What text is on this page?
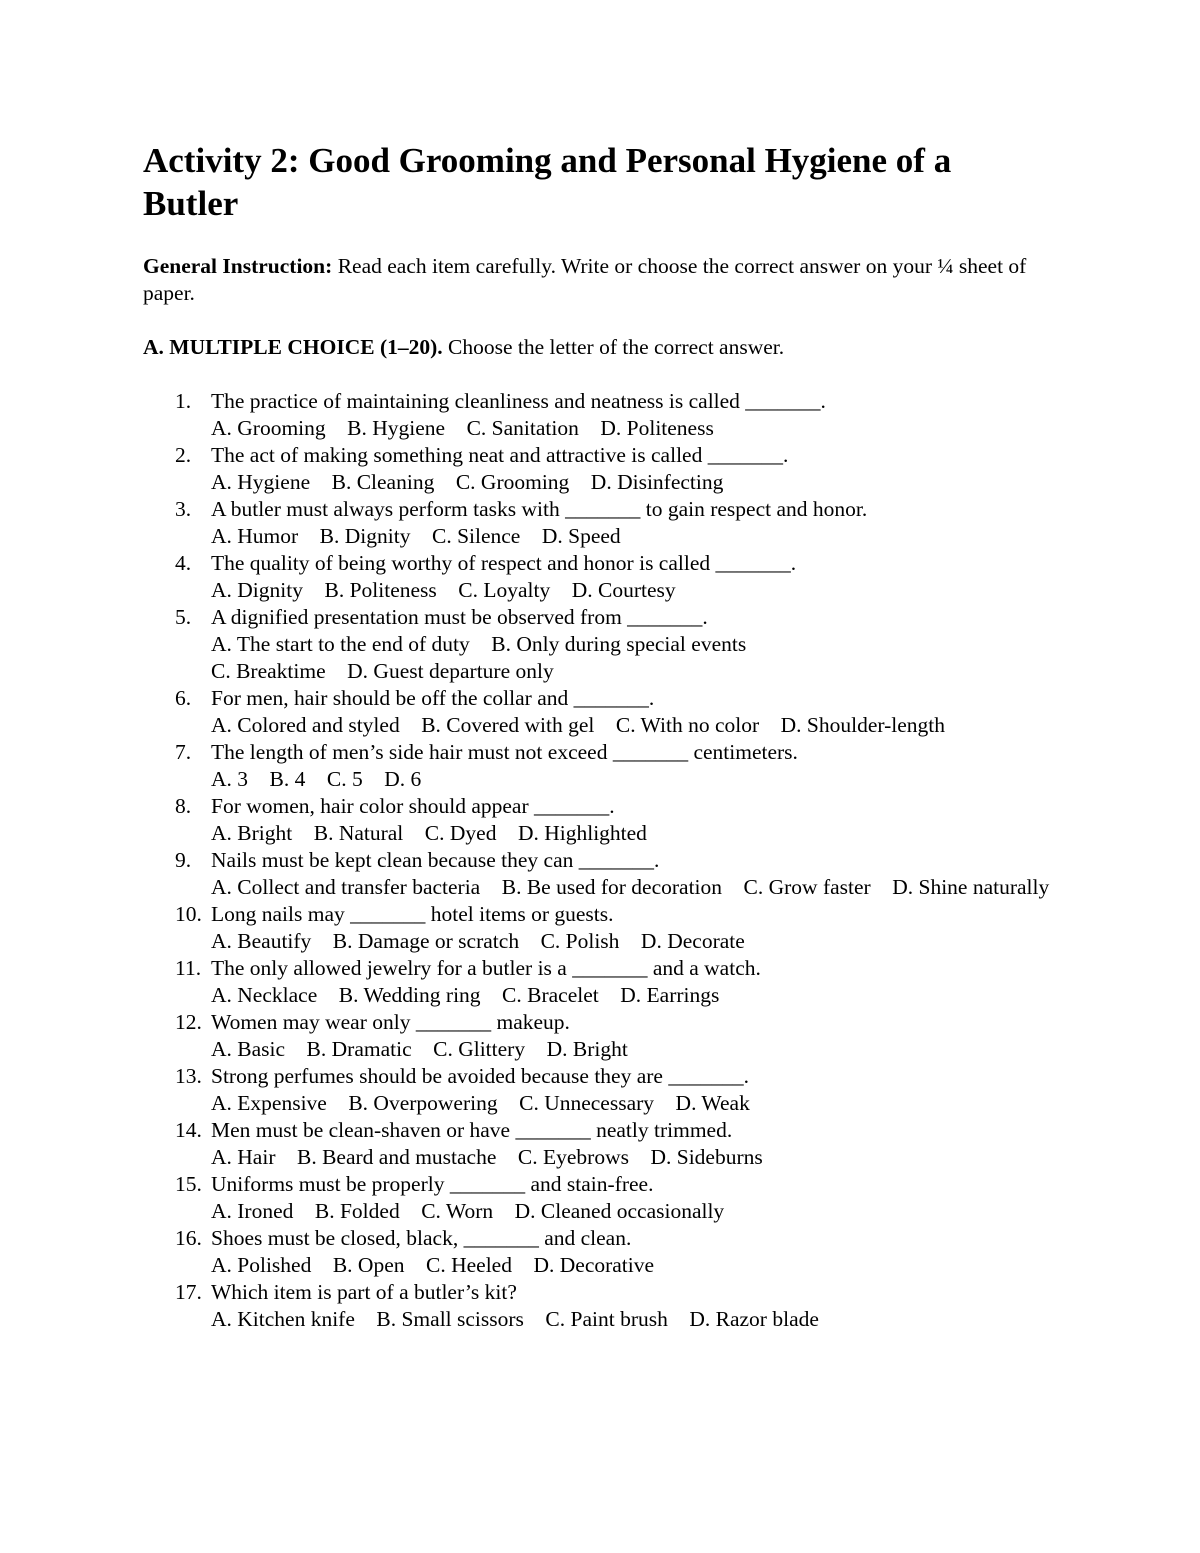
Activity 2: Good Grooming and Personal Hygiene of a Butler
General Instruction: Read each item carefully. Write or choose the correct answer on your ¼ sheet of paper.
A. MULTIPLE CHOICE (1–20). Choose the letter of the correct answer.
1. The practice of maintaining cleanliness and neatness is called _______.
A. Grooming    B. Hygiene    C. Sanitation    D. Politeness
2. The act of making something neat and attractive is called _______.
A. Hygiene    B. Cleaning    C. Grooming    D. Disinfecting
3. A butler must always perform tasks with _______ to gain respect and honor.
A. Humor    B. Dignity    C. Silence    D. Speed
4. The quality of being worthy of respect and honor is called _______.
A. Dignity    B. Politeness    C. Loyalty    D. Courtesy
5. A dignified presentation must be observed from _______.
A. The start to the end of duty    B. Only during special events
C. Breaktime    D. Guest departure only
6. For men, hair should be off the collar and _______.
A. Colored and styled    B. Covered with gel    C. With no color    D. Shoulder-length
7. The length of men’s side hair must not exceed _______ centimeters.
A. 3    B. 4    C. 5    D. 6
8. For women, hair color should appear _______.
A. Bright    B. Natural    C. Dyed    D. Highlighted
9. Nails must be kept clean because they can _______.
A. Collect and transfer bacteria    B. Be used for decoration    C. Grow faster    D. Shine naturally
10. Long nails may _______ hotel items or guests.
A. Beautify    B. Damage or scratch    C. Polish    D. Decorate
11. The only allowed jewelry for a butler is a _______ and a watch.
A. Necklace    B. Wedding ring    C. Bracelet    D. Earrings
12. Women may wear only _______ makeup.
A. Basic    B. Dramatic    C. Glittery    D. Bright
13. Strong perfumes should be avoided because they are _______.
A. Expensive    B. Overpowering    C. Unnecessary    D. Weak
14. Men must be clean-shaven or have _______ neatly trimmed.
A. Hair    B. Beard and mustache    C. Eyebrows    D. Sideburns
15. Uniforms must be properly _______ and stain-free.
A. Ironed    B. Folded    C. Worn    D. Cleaned occasionally
16. Shoes must be closed, black, _______ and clean.
A. Polished    B. Open    C. Heeled    D. Decorative
17. Which item is part of a butler’s kit?
A. Kitchen knife    B. Small scissors    C. Paint brush    D. Razor blade
